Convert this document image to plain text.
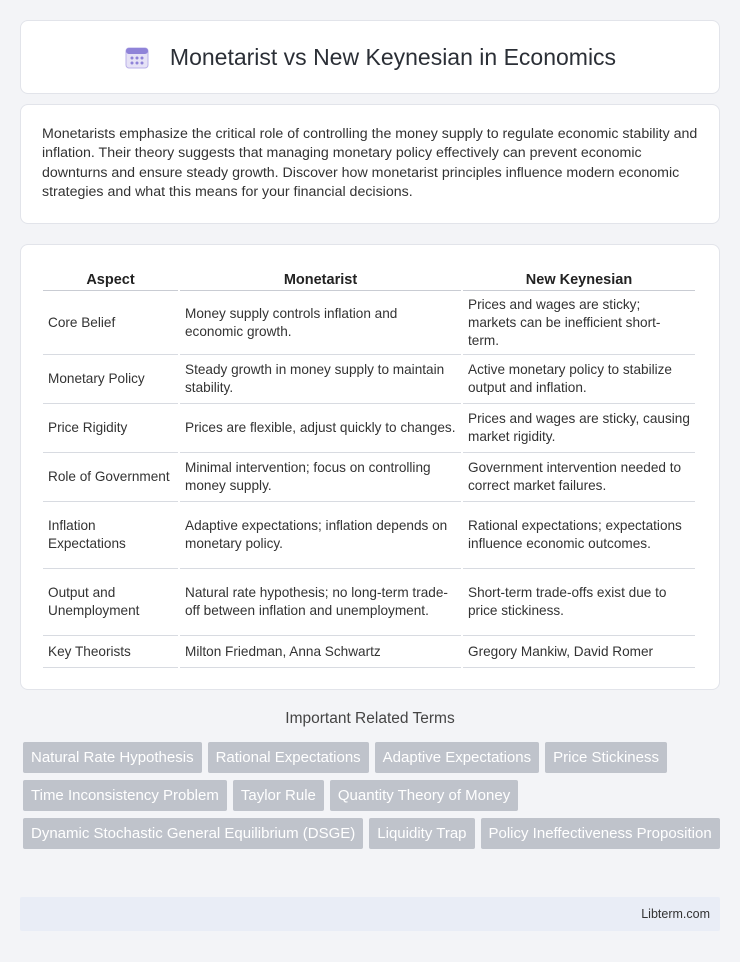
Monetarist vs New Keynesian in Economics

Monetarists emphasize the critical role of controlling the money supply to regulate economic stability and inflation. Their theory suggests that managing monetary policy effectively can prevent economic downturns and ensure steady growth. Discover how monetarist principles influence modern economic strategies and what this means for your financial decisions.

Aspect	Monetarist	New Keynesian
Core Belief	Money supply controls inflation and economic growth.	Prices and wages are sticky; markets can be inefficient short-term.
Monetary Policy	Steady growth in money supply to maintain stability.	Active monetary policy to stabilize output and inflation.
Price Rigidity	Prices are flexible, adjust quickly to changes.	Prices and wages are sticky, causing market rigidity.
Role of Government	Minimal intervention; focus on controlling money supply.	Government intervention needed to correct market failures.
Inflation Expectations	Adaptive expectations; inflation depends on monetary policy.	Rational expectations; expectations influence economic outcomes.
Output and Unemployment	Natural rate hypothesis; no long-term trade-off between inflation and unemployment.	Short-term trade-offs exist due to price stickiness.
Key Theorists	Milton Friedman, Anna Schwartz	Gregory Mankiw, David Romer
Important Related Terms
Natural Rate Hypothesis	Rational Expectations	Adaptive Expectations	Price Stickiness
Time Inconsistency Problem	Taylor Rule	Quantity Theory of Money
Dynamic Stochastic General Equilibrium (DSGE)	Liquidity Trap	Policy Ineffectiveness Proposition
Libterm.com
